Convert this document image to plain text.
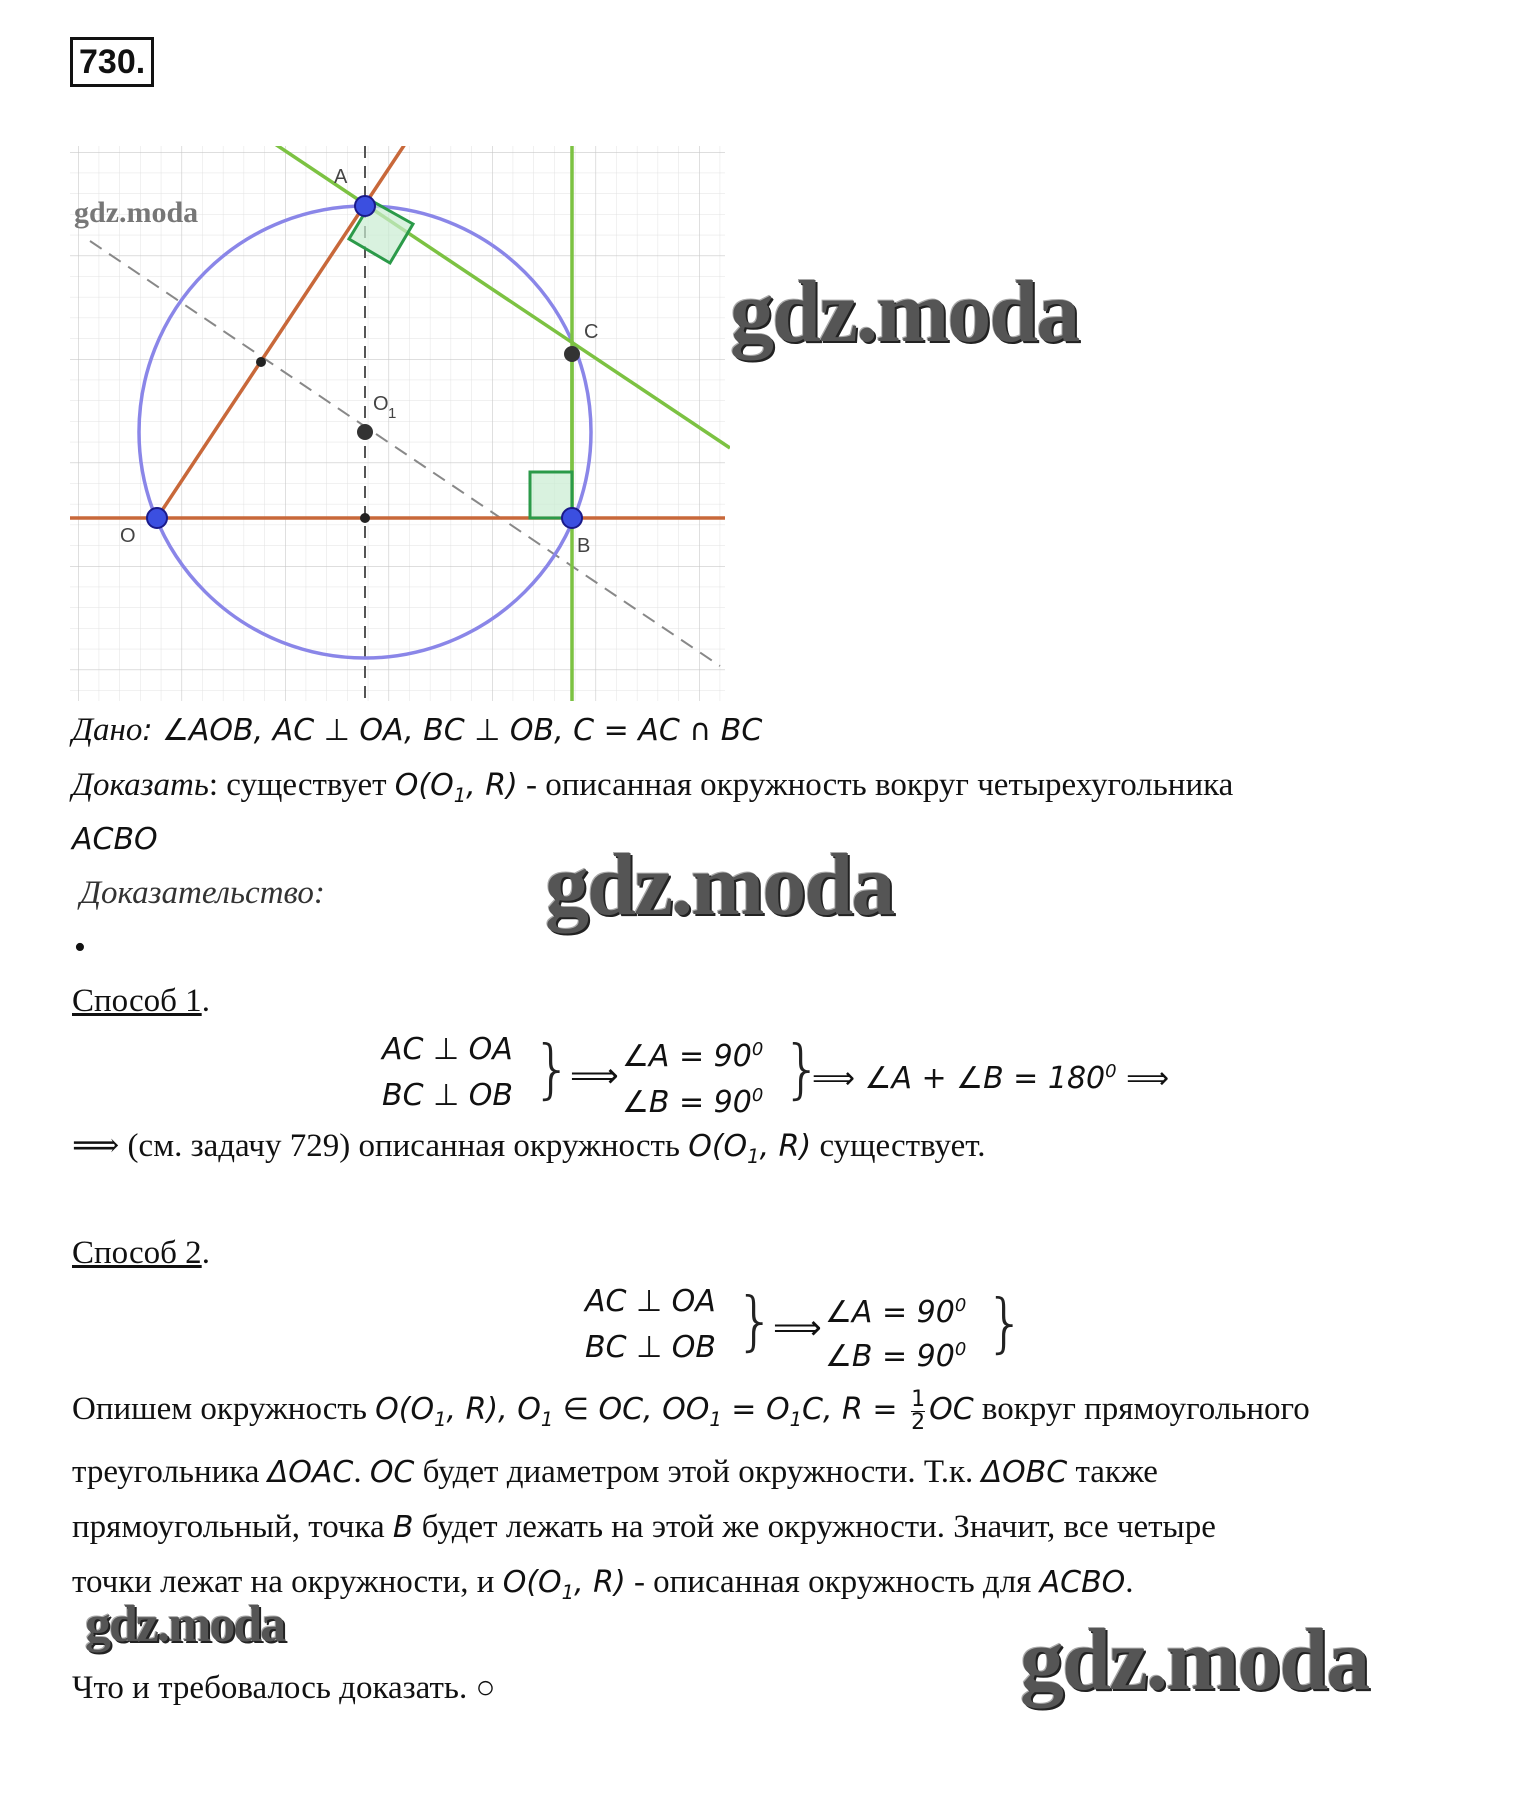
730.
A
C
O 1
O	B
gdz.moda
gdz.moda
gdz.moda
gdz.moda	gdz.moda
Дано: ∠AOB, AC ⊥ OA, BC ⊥ OB, C = AC ∩ BC
Доказать: существует $O(O_1$, R) - описанная окружность вокруг четырехугольника
ACBO
Доказательство:
•
Способ 1.
AC ⊥ OA
BC ⊥ OB }
⟹ ∠A = $90^0$
∠B = $90^0$ }
⟹ ∠A + ∠B = $180^0$ ⟹
⟹ (см. задачу 729) описанная окружность $O(O_1$, R) существует.
Способ 2.
AC ⊥ OA
BC ⊥ OB }
⟹ ∠A = $90^0$
∠B = $90^0$ }
Опишем окружность $O(O_1$, R), $O_1$ ∈ OC, $OO_1 = O_1C$, $R = \frac{1}{2}$ OC вокруг прямоугольного
треугольника ΔOAC. OC будет диаметром этой окружности. Т.к. ΔOBC также
прямоугольный, точка B будет лежать на этой же окружности. Значит, все четыре
точки лежат на окружности, и $O(O_1$, R) - описанная окружность для ACBO.
Что и требовалось доказать. ○
